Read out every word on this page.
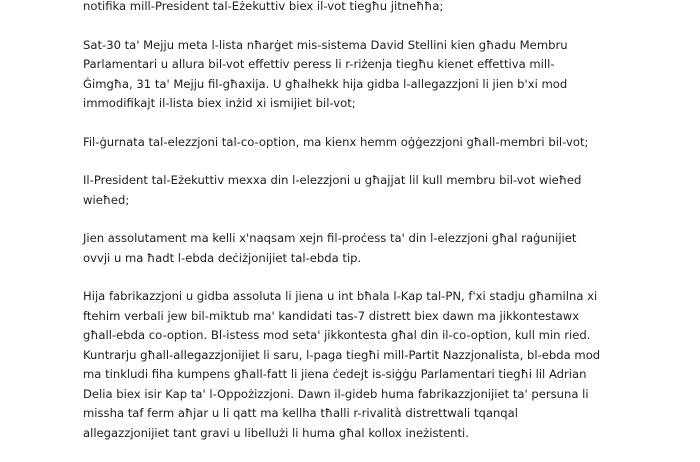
notifika mill-President tal-Eżekuttiv biex il-vot tiegħu jitneħħa;

Sat-30 ta' Mejju meta l-lista nħarġet mis-sistema David Stellini kien għadu Membru
Parlamentari u allura bil-vot effettiv peress li r-riżenja tiegħu kienet effettiva mill-
Ġimgħa, 31 ta' Mejju fil-għaxija. U għalhekk hija gidba l-allegazzjoni li jien b'xi mod
immodifikajt il-lista biex inżid xi ismijiet bil-vot;

Fil-ġurnata tal-elezzjoni tal-co-option, ma kienx hemm oġġezzjoni għall-membri bil-vot;

Il-President tal-Eżekuttiv mexxa din l-elezzjoni u għajjat lil kull membru bil-vot wieħed
wieħed;

Jien assolutament ma kelli x'naqsam xejn fil-proċess ta' din l-elezzjoni għal raġunijiet
ovvji u ma ħadt l-ebda deċiżjonijiet tal-ebda tip.

Hija fabrikazzjoni u gidba assoluta li jiena u int bħala l-Kap tal-PN, f'xi stadju għamilna xi
ftehim verbali jew bil-miktub ma' kandidati tas-7 distrett biex dawn ma jikkontestawx
għall-ebda co-option. Bl-istess mod seta' jikkontesta għal din il-co-option, kull min ried.
Kuntrarju għall-allegazzjonijiet li saru, l-paga tiegħi mill-Partit Nazzjonalista, bl-ebda mod
ma tinkludi fiha kumpens għall-fatt li jiena ċedejt is-siġġu Parlamentari tiegħi lil Adrian
Delia biex isir Kap ta' l-Oppożizzjoni. Dawn il-gideb huma fabrikazzjonijiet ta' persuna li
missha taf ferm aħjar u li qatt ma kellha tħalli r-rivalità distrettwali tqanqal
allegazzjonijiet tant gravi u libellużi li huma għal kollox ineżistenti.
